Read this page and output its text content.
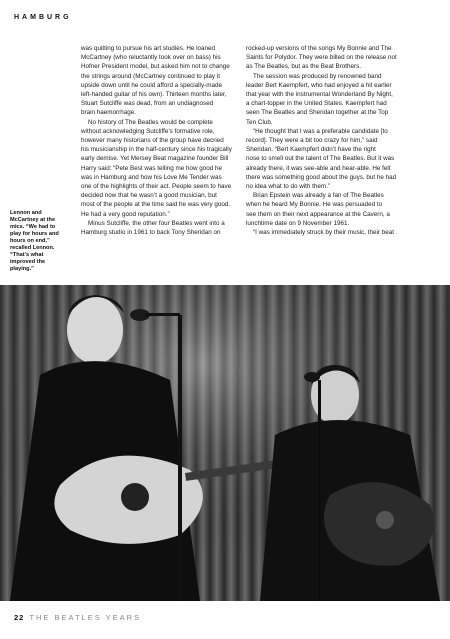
HAMBURG
Lennon and
McCartney at the
mics. “We had to
play for hours and
hours on end,”
recalled Lennon.
“That’s what
improved the
playing.”
was quitting to pursue his art studies. He loaned
McCartney (who reluctantly took over on bass) his
Hofner President model, but asked him not to change
the strings around (McCartney continued to play it
upside down until he could afford a specially-made
left-handed guitar of his own). Thirteen months later,
Stuart Sutcliffe was dead, from an undiagnosed
brain haemorrhage.
No history of The Beatles would be complete
without acknowledging Sutcliffe’s formative role,
however many historians of the group have decried
his musicianship in the half-century since his tragically
early demise. Yet Mersey Beat magazine founder Bill
Harry said: “Pete Best was telling me how good he
was in Hamburg and how his Love Me Tender was
one of the highlights of their act. People seem to have
decided now that he wasn’t a good musician, but
most of the people at the time said he was very good.
He had a very good reputation.”
Minus Sutcliffe, the other four Beatles went into a
Hamburg studio in 1961 to back Tony Sheridan on
rocked-up versions of the songs My Bonnie and The
Saints for Polydor. They were billed on the release not
as The Beatles, but as the Beat Brothers.
The session was produced by renowned band
leader Bert Kaempfert, who had enjoyed a hit earlier
that year with the instrumental Wonderland By Night,
a chart-topper in the United States. Kaempfert had
seen The Beatles and Sheridan together at the Top
Ten Club.
“He thought that I was a preferable candidate [to
record]. They were a bit too crazy for him,” said
Sheridan. “Bert Kaempfert didn’t have the right
nose to smell out the talent of The Beatles. But it was
already there, it was see-able and hear-able. He felt
there was something good about the guys, but he had
no idea what to do with them.”
Brian Epstein was already a fan of The Beatles
when he heard My Bonnie. He was persuaded to
see them on their next appearance at the Cavern, a
lunchtime date on 9 November 1961.
“I was immediately struck by their music, their beat
22 THE BEATLES YEARS
